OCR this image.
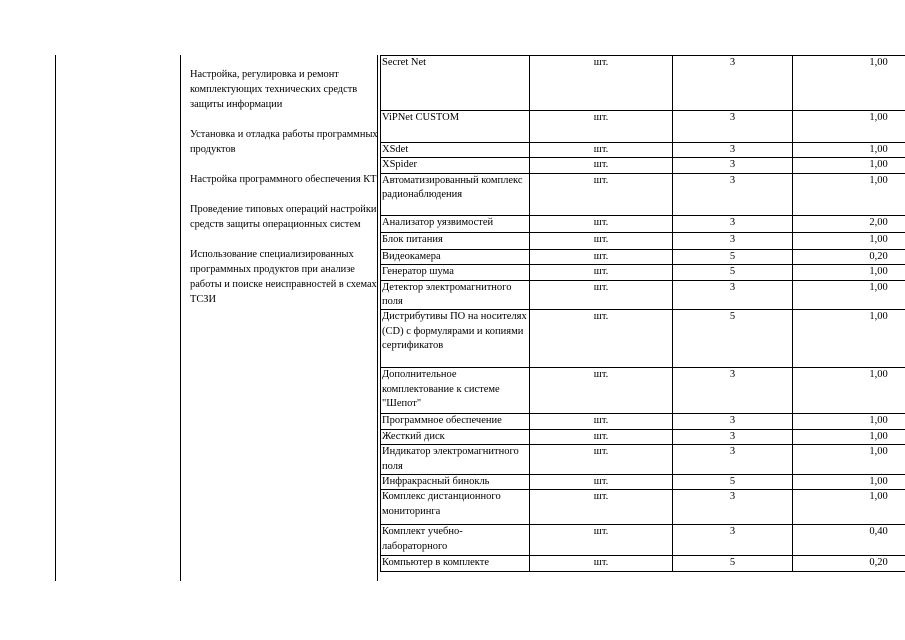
Настройка, регулировка и ремонт комплектующих технических средств защиты информации

Установка и отладка работы программных продуктов

Настройка программного обеспечения КТ

Проведение типовых операций настройки средств защиты операционных систем

Использование специализированных программных продуктов при анализе работы и поиске неисправностей в схемах ТСЗИ

Secret Net	шт.	3	1,00
ViPNet CUSTOM	шт.	3	1,00
XSdet	шт.	3	1,00
XSpider	шт.	3	1,00
Автоматизированный комплекс радионаблюдения	шт.	3	1,00
Анализатор уязвимостей	шт.	3	2,00
Блок питания	шт.	3	1,00
Видеокамера	шт.	5	0,20
Генератор шума	шт.	5	1,00
Детектор электромагнитного поля	шт.	3	1,00
Дистрибутивы ПО на носителях (CD) с формулярами и копиями сертификатов	шт.	5	1,00
Дополнительное комплектование к системе "Шепот"	шт.	3	1,00
Программное обеспечение	шт.	3	1,00
Жесткий диск	шт.	3	1,00
Индикатор электромагнитного поля	шт.	3	1,00
Инфракрасный бинокль	шт.	5	1,00
Комплекс дистанционного мониторинга	шт.	3	1,00
Комплект учебно-лабораторного	шт.	3	0,40
Компьютер в комплекте	шт.	5	0,20
